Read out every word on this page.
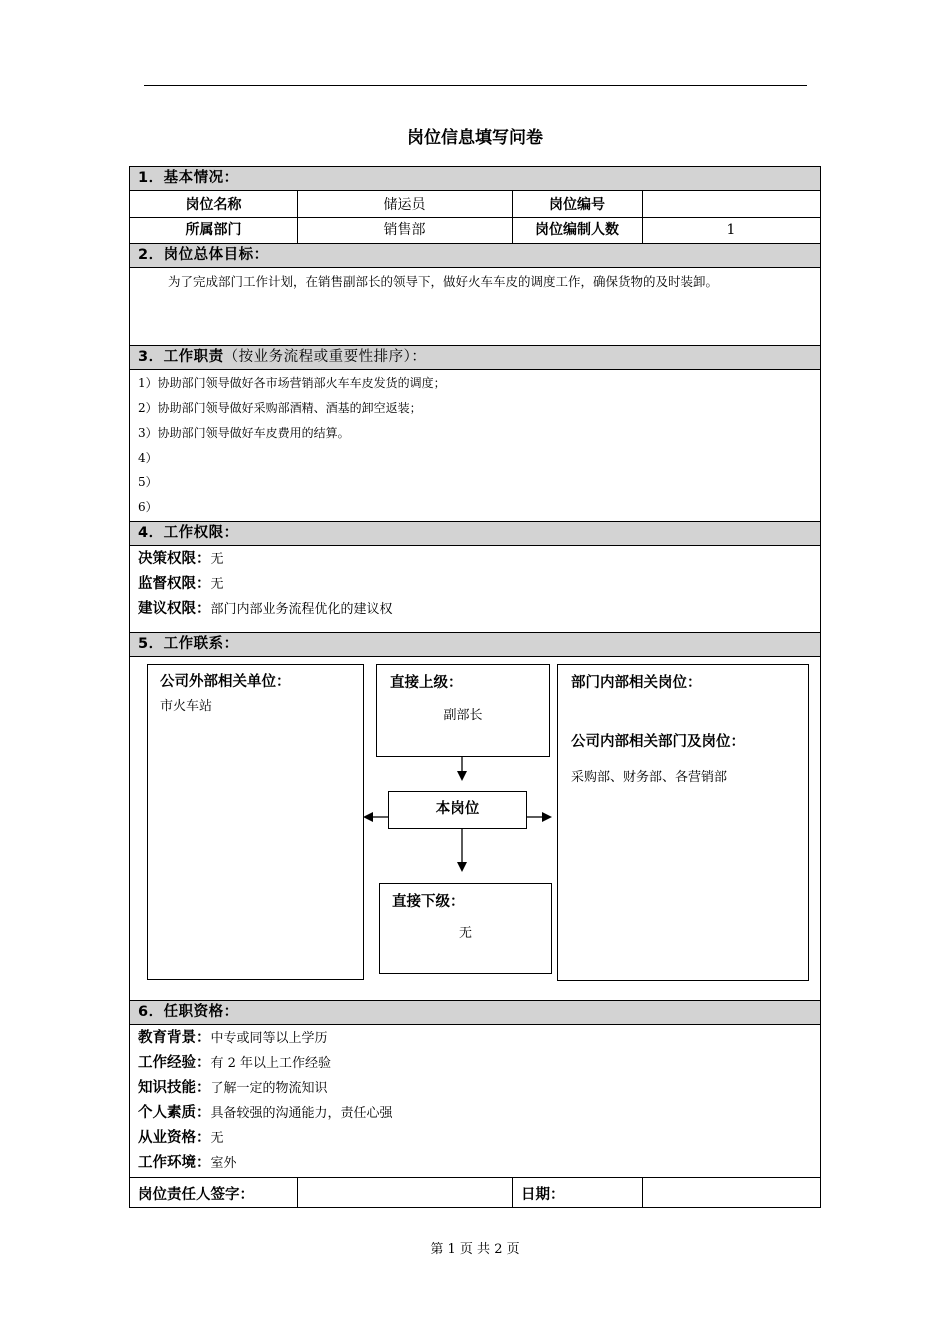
岗位信息填写问卷
1．基本情况：
岗位名称	储运员	岗位编号
所属部门	销售部	岗位编制人数	1
2．岗位总体目标：
为了完成部门工作计划，在销售副部长的领导下，做好火车车皮的调度工作，确保货物的及时装卸。
3．工作职责（按业务流程或重要性排序）：
1）协助部门领导做好各市场营销部火车车皮发货的调度；
2）协助部门领导做好采购部酒精、酒基的卸空返装；
3）协助部门领导做好车皮费用的结算。
4）
5）
6）
4．工作权限：
决策权限：无
监督权限：无
建议权限：部门内部业务流程优化的建议权
5．工作联系：
公司外部相关单位：
市火车站
直接上级：
副部长
本岗位
直接下级：
无
部门内部相关岗位：
公司内部相关部门及岗位：
采购部、财务部、各营销部
6．任职资格：
教育背景：中专或同等以上学历
工作经验：有 2 年以上工作经验
知识技能：了解一定的物流知识
个人素质：具备较强的沟通能力，责任心强
从业资格：无
工作环境：室外
岗位责任人签字：	日期：
第 1 页 共 2 页
